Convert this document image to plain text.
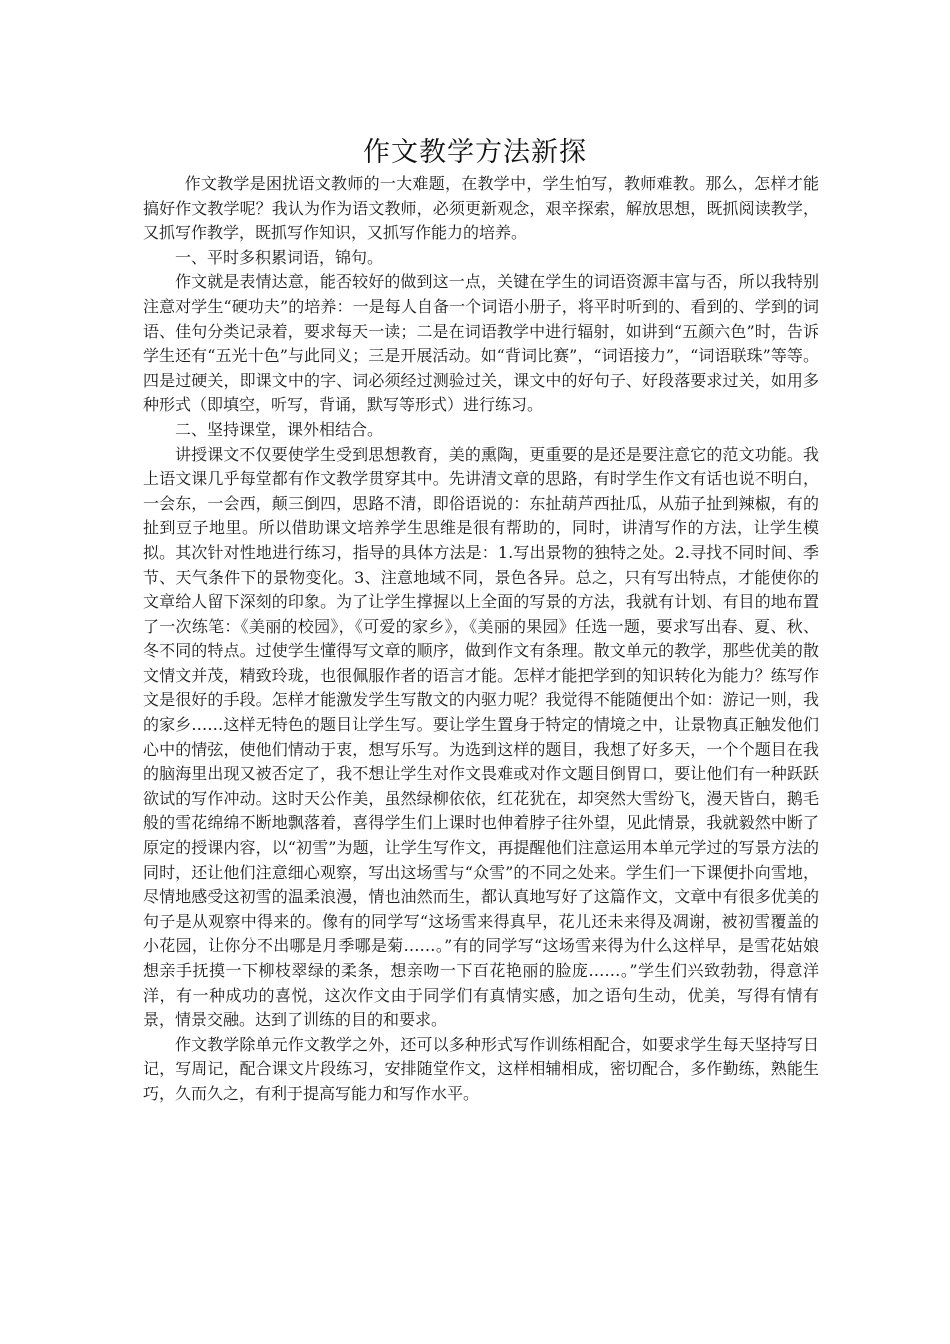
作文教学方法新探

作文教学是困扰语文教师的一大难题，在教学中，学生怕写，教师难教。那么，怎样才能搞好作文教学呢？我认为作为语文教师，必须更新观念，艰辛探索，解放思想，既抓阅读教学，又抓写作教学，既抓写作知识，又抓写作能力的培养。

一、平时多积累词语，锦句。

作文就是表情达意，能否较好的做到这一点，关键在学生的词语资源丰富与否，所以我特别注意对学生“硬功夫”的培养：一是每人自备一个词语小册子，将平时听到的、看到的、学到的词语、佳句分类记录着，要求每天一读；二是在词语教学中进行辐射，如讲到“五颜六色”时，告诉学生还有“五光十色”与此同义；三是开展活动。如“背词比赛”，“词语接力”，“词语联珠”等等。四是过硬关，即课文中的字、词必须经过测验过关，课文中的好句子、好段落要求过关，如用多种形式（即填空，听写，背诵，默写等形式）进行练习。

二、坚持课堂，课外相结合。

讲授课文不仅要使学生受到思想教育，美的熏陶，更重要的是还是要注意它的范文功能。我上语文课几乎每堂都有作文教学贯穿其中。先讲清文章的思路，有时学生作文有话也说不明白，一会东，一会西，颠三倒四，思路不清，即俗语说的：东扯葫芦西扯瓜，从茄子扯到辣椒，有的扯到豆子地里。所以借助课文培养学生思维是很有帮助的，同时，讲清写作的方法，让学生模拟。其次针对性地进行练习，指导的具体方法是：1.写出景物的独特之处。2.寻找不同时间、季节、天气条件下的景物变化。3、注意地域不同，景色各异。总之，只有写出特点，才能使你的文章给人留下深刻的印象。为了让学生撑握以上全面的写景的方法，我就有计划、有目的地布置了一次练笔：《美丽的校园》，《可爱的家乡》，《美丽的果园》任选一题，要求写出春、夏、秋、冬不同的特点。过使学生懂得写文章的顺序，做到作文有条理。散文单元的教学，那些优美的散文情文并茂，精致玲珑，也很佩服作者的语言才能。怎样才能把学到的知识转化为能力？练写作文是很好的手段。怎样才能激发学生写散文的内驱力呢？我觉得不能随便出个如：游记一则，我的家乡……这样无特色的题目让学生写。要让学生置身于特定的情境之中，让景物真正触发他们心中的情弦，使他们情动于衷，想写乐写。为选到这样的题目，我想了好多天，一个个题目在我的脑海里出现又被否定了，我不想让学生对作文畏难或对作文题目倒胃口，要让他们有一种跃跃欲试的写作冲动。这时天公作美，虽然绿柳依依，红花犹在，却突然大雪纷飞，漫天皆白，鹅毛般的雪花绵绵不断地飘落着，喜得学生们上课时也伸着脖子往外望，见此情景，我就毅然中断了原定的授课内容，以“初雪”为题，让学生写作文，再提醒他们注意运用本单元学过的写景方法的同时，还让他们注意细心观察，写出这场雪与“众雪”的不同之处来。学生们一下课便扑向雪地，尽情地感受这初雪的温柔浪漫，情也油然而生，都认真地写好了这篇作文，文章中有很多优美的句子是从观察中得来的。像有的同学写“这场雪来得真早，花儿还未来得及凋谢，被初雪覆盖的小花园，让你分不出哪是月季哪是菊……。”有的同学写“这场雪来得为什么这样早，是雪花姑娘想亲手抚摸一下柳枝翠绿的柔条，想亲吻一下百花艳丽的脸庞……。”学生们兴致勃勃，得意洋洋，有一种成功的喜悦，这次作文由于同学们有真情实感，加之语句生动，优美，写得有情有景，情景交融。达到了训练的目的和要求。

作文教学除单元作文教学之外，还可以多种形式写作训练相配合，如要求学生每天坚持写日记，写周记，配合课文片段练习，安排随堂作文，这样相辅相成，密切配合，多作勤练，熟能生巧，久而久之，有利于提高写能力和写作水平。
